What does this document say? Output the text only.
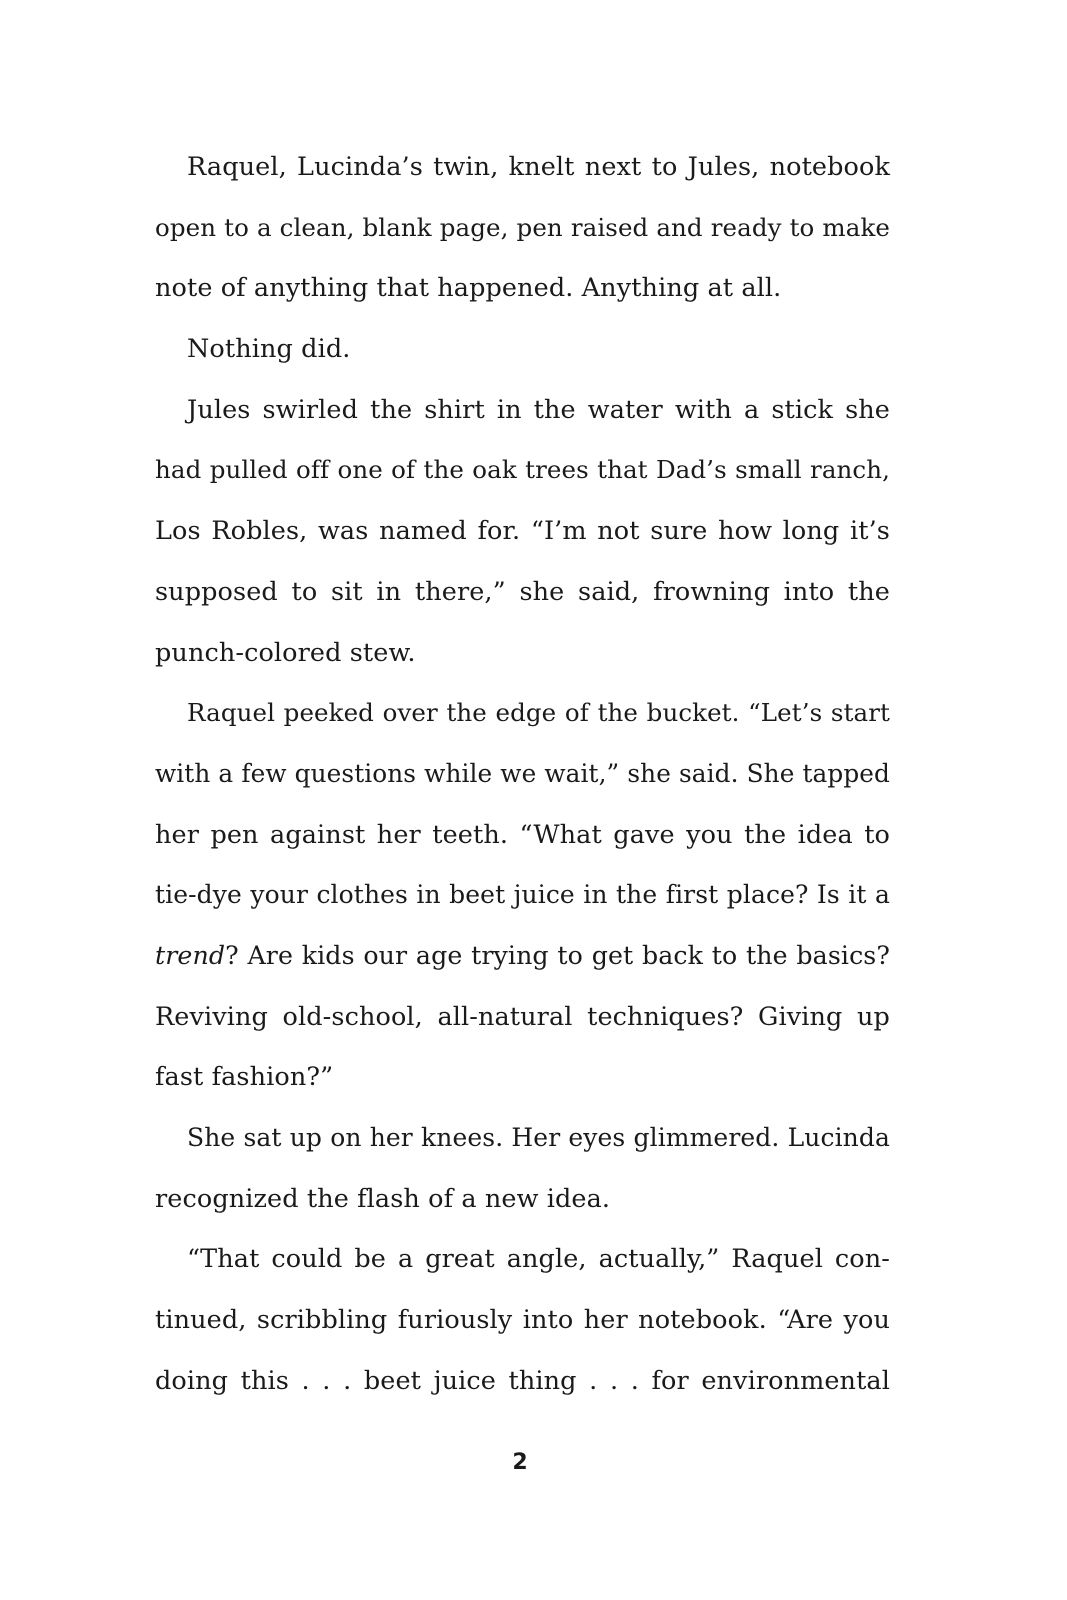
Raquel, Lucinda’s twin, knelt next to Jules, notebook
open to a clean, blank page, pen raised and ready to make
note of anything that happened. Anything at all.
Nothing did.
Jules swirled the shirt in the water with a stick she
had pulled off one of the oak trees that Dad’s small ranch,
Los Robles, was named for. “I’m not sure how long it’s
supposed to sit in there,” she said, frowning into the
punch-colored stew.
Raquel peeked over the edge of the bucket. “Let’s start
with a few questions while we wait,” she said. She tapped
her pen against her teeth. “What gave you the idea to
tie-dye your clothes in beet juice in the first place? Is it a
trend? Are kids our age trying to get back to the basics?
Reviving old-school, all-natural techniques? Giving up
fast fashion?”
She sat up on her knees. Her eyes glimmered. Lucinda
recognized the flash of a new idea.
“That could be a great angle, actually,” Raquel con-
tinued, scribbling furiously into her notebook. “Are you
doing this . . . beet juice thing . . . for environmental
2
